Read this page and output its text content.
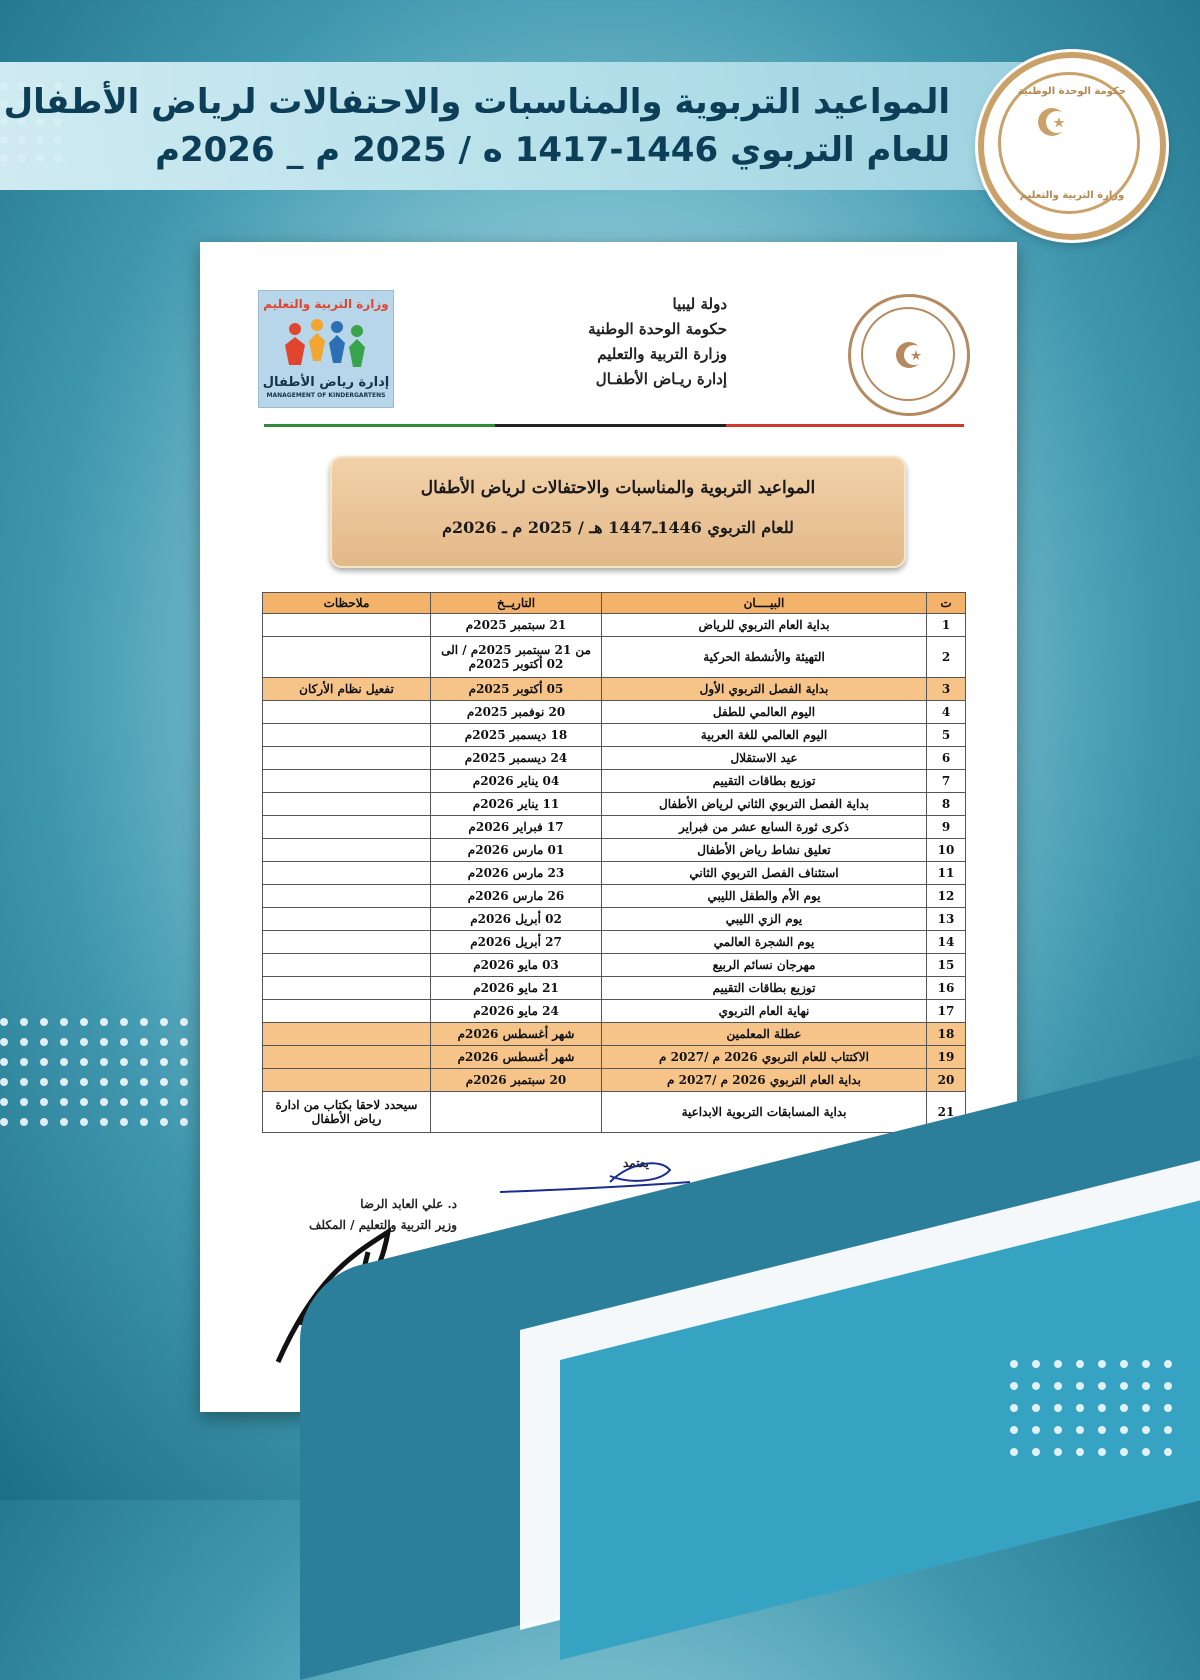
المواعيد التربوية والمناسبات والاحتفالات لرياض الأطفال
للعام التربوي 1446-1417 ه / 2025 م _ 2026م
حكومة الوحدة الوطنية
وزارة التربية والتعليم
دولة ليبيا
حكومة الوحدة الوطنية
وزارة التربية والتعليم
إدارة ريـاض الأطفـال
وزارة التربية والتعليم
إدارة رياض الأطفال
MANAGEMENT OF KINDERGARTENS
المواعيد التربوية والمناسبات والاحتفالات لرياض الأطفال
للعام التربوي 1446ـ1447 هـ / 2025 م ـ 2026م
ت	البيــــان	التاريــخ	ملاحظات
1	بداية العام التربوي للرياض	21 سبتمبر 2025م	
2	التهيئة والأنشطة الحركية	من 21 سبتمبر 2025م / الى 02 أكتوبر 2025م	
3	بداية الفصل التربوي الأول	05 أكتوبر 2025م	تفعيل نظام الأركان
4	اليوم العالمي للطفل	20 نوفمبر 2025م	
5	اليوم العالمي للغة العربية	18 ديسمبر 2025م	
6	عيد الاستقلال	24 ديسمبر 2025م	
7	توزيع بطاقات التقييم	04 يناير 2026م	
8	بداية الفصل التربوي الثاني لرياض الأطفال	11 يناير 2026م	
9	ذكرى ثورة السابع عشر من فبراير	17 فبراير 2026م	
10	تعليق نشاط رياض الأطفال	01 مارس 2026م	
11	استئناف الفصل التربوي الثاني	23 مارس 2026م	
12	يوم الأم والطفل الليبي	26 مارس 2026م	
13	يوم الزي الليبي	02 أبريل 2026م	
14	يوم الشجرة العالمي	27 أبريل 2026م	
15	مهرجان نسائم الربيع	03 مايو 2026م	
16	توزيع بطاقات التقييم	21 مايو 2026م	
17	نهاية العام التربوي	24 مايو 2026م	
18	عطلة المعلمين	شهر أغسطس 2026م	
19	الاكتتاب للعام التربوي 2026 م /2027 م	شهر أغسطس 2026م	
20	بداية العام التربوي 2026 م /2027 م	20 سبتمبر 2026م	
21	بداية المسابقات التربوية الابداعية		سيحدد لاحقا بكتاب من ادارة رياض الأطفال
يعتمد
د. علي العابد الرضا
وزير التربية والتعليم / المكلف
